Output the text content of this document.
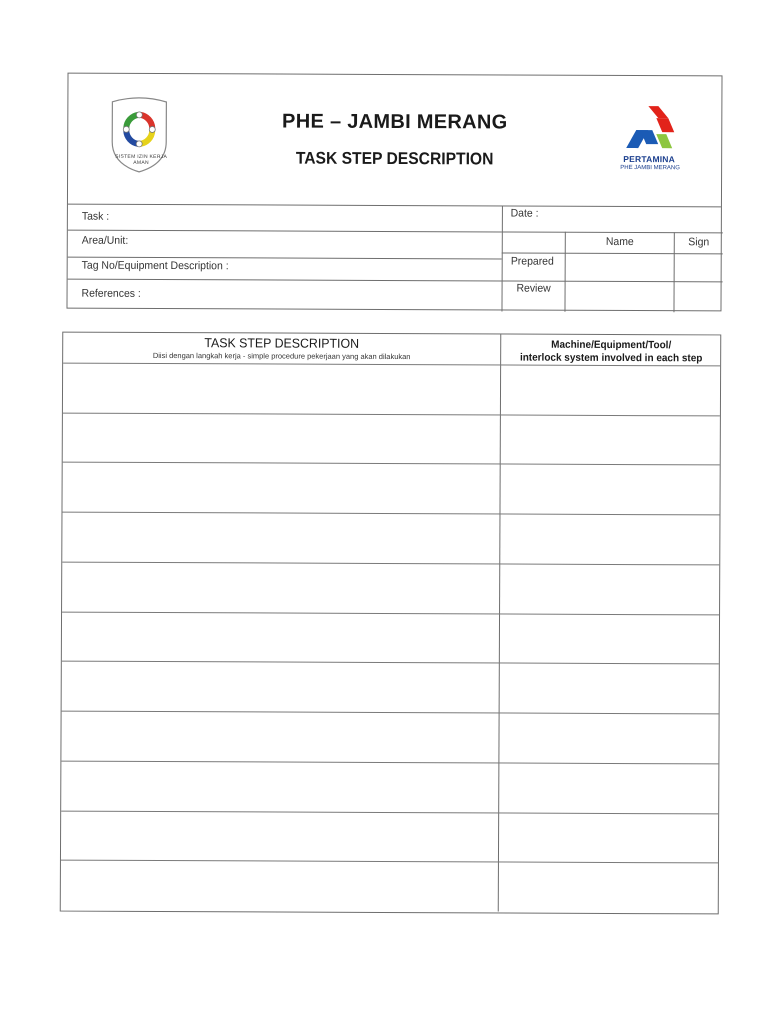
SISTEM IZIN KERJA AMAN
PHE – JAMBI MERANG
TASK STEP DESCRIPTION	PERTAMINA
PHE JAMBI MERANG
Task :
Area/Unit:
Tag No/Equipment Description :
References :
Date :
Name	Sign
Prepared
Review
TASK STEP DESCRIPTION
Diisi dengan langkah kerja - simple procedure pekerjaan yang akan dilakukan
Machine/Equipment/Tool/
interlock system involved in each step
